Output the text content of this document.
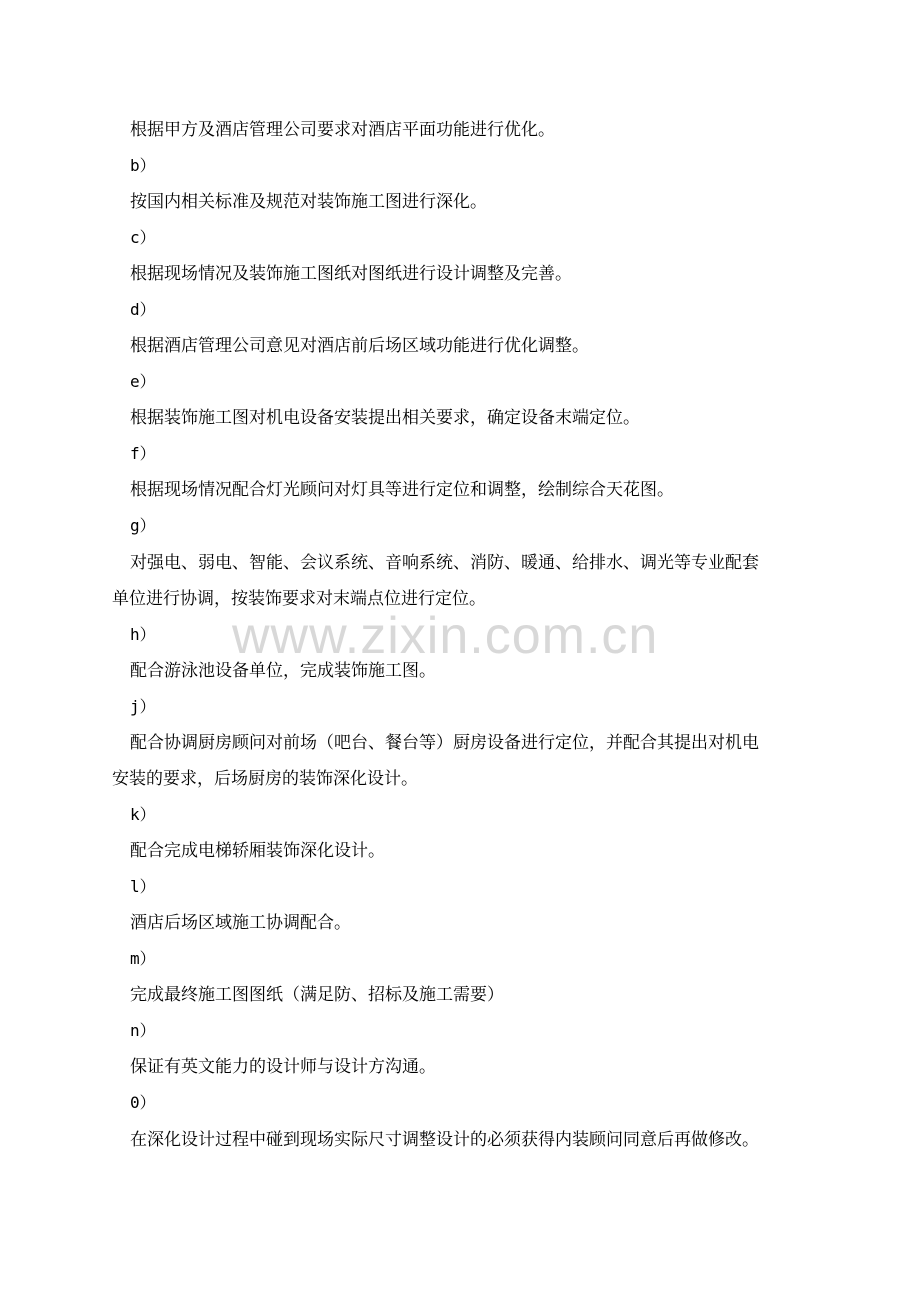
根据甲方及酒店管理公司要求对酒店平面功能进行优化。
b）
按国内相关标准及规范对装饰施工图进行深化。
c）
根据现场情况及装饰施工图纸对图纸进行设计调整及完善。
d）
根据酒店管理公司意见对酒店前后场区域功能进行优化调整。
e）
根据装饰施工图对机电设备安装提出相关要求，确定设备末端定位。
f）
根据现场情况配合灯光顾问对灯具等进行定位和调整，绘制综合天花图。
g）
对强电、弱电、智能、会议系统、音响系统、消防、暖通、给排水、调光等专业配套
单位进行协调，按装饰要求对末端点位进行定位。
h）
配合游泳池设备单位，完成装饰施工图。
j）
配合协调厨房顾问对前场（吧台、餐台等）厨房设备进行定位，并配合其提出对机电
安装的要求，后场厨房的装饰深化设计。
k）
配合完成电梯轿厢装饰深化设计。
l）
酒店后场区域施工协调配合。
m）
完成最终施工图图纸（满足防、招标及施工需要）
n）
保证有英文能力的设计师与设计方沟通。
0）
在深化设计过程中碰到现场实际尺寸调整设计的必须获得内装顾问同意后再做修改。
www.zixin.com.cn
